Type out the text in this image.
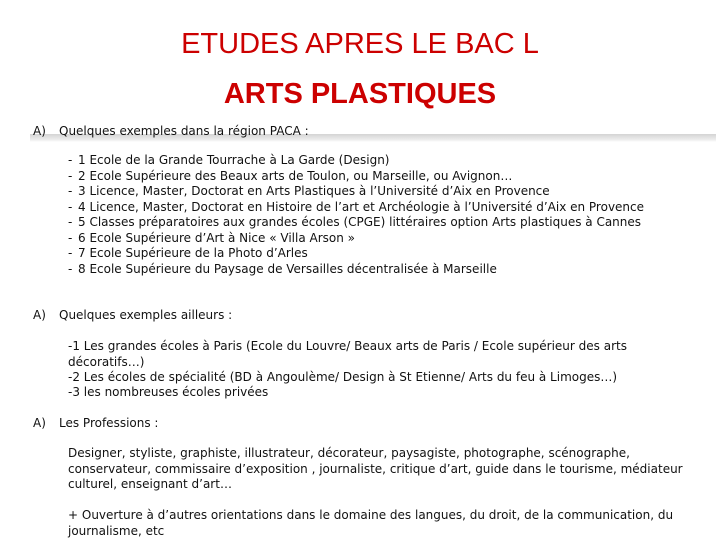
ETUDES APRES LE BAC L
ARTS PLASTIQUES
A) Quelques exemples dans la région PACA :
- 1 Ecole de la Grande Tourrache à La Garde (Design)
- 2 Ecole Supérieure des Beaux arts de Toulon, ou Marseille, ou Avignon…
- 3 Licence, Master, Doctorat en Arts Plastiques à l’Université d’Aix en Provence
- 4 Licence, Master, Doctorat en Histoire de l’art et Archéologie à l’Université d’Aix en Provence
- 5 Classes préparatoires aux grandes écoles (CPGE) littéraires option Arts plastiques à Cannes
- 6 Ecole Supérieure d’Art à Nice « Villa Arson »
- 7 Ecole Supérieure de la Photo d’Arles
- 8 Ecole Supérieure du Paysage de Versailles décentralisée à Marseille
A) Quelques exemples ailleurs :

-1 Les grandes écoles à Paris (Ecole du Louvre/ Beaux arts de Paris / Ecole supérieur des arts décoratifs…)

-2 Les écoles de spécialité (BD à Angoulème/ Design à St Etienne/ Arts du feu à Limoges…)

-3 les nombreuses écoles privées

A) Les Professions :

Designer, styliste, graphiste, illustrateur, décorateur, paysagiste, photographe, scénographe, conservateur, commissaire d’exposition , journaliste, critique d’art, guide dans le tourisme, médiateur culturel, enseignant d’art…

+ Ouverture à d’autres orientations dans le domaine des langues, du droit, de la communication, du journalisme, etc
